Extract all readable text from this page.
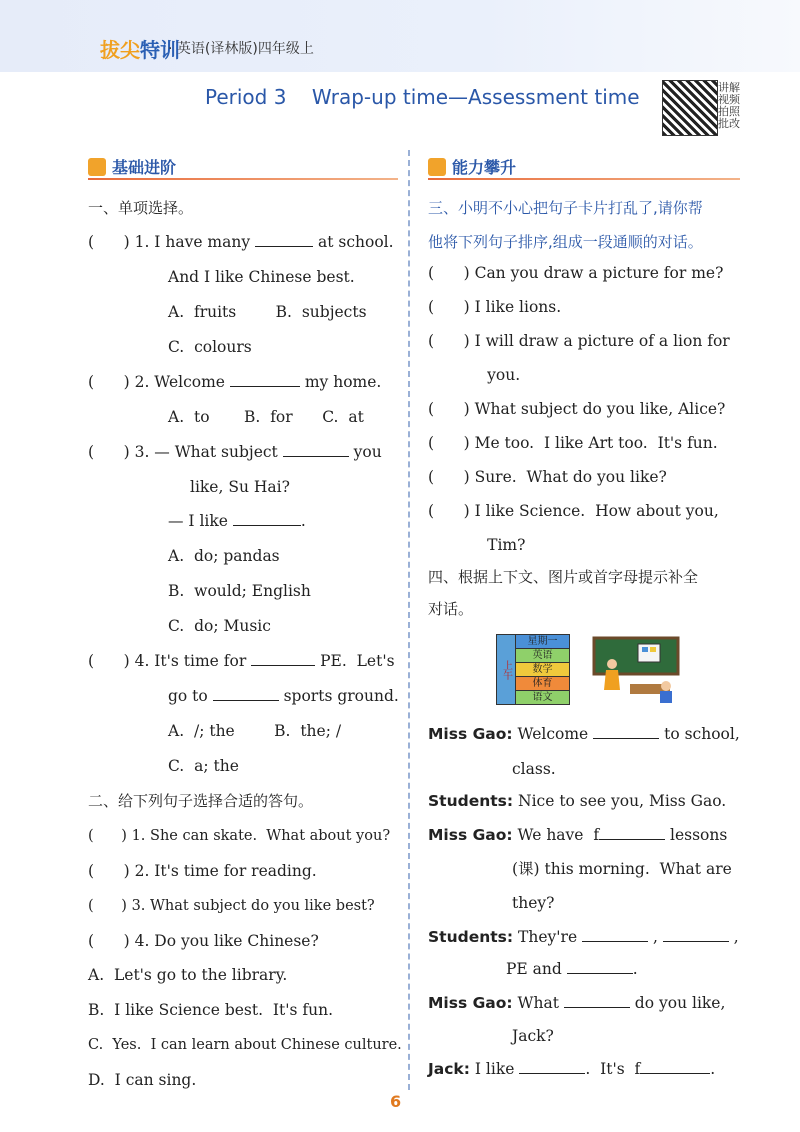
拔尖特训
· 英语(译林版)四年级上
Period 3    Wrap-up time—Assessment time	讲解视频
拍照批改
基础进阶
一、单项选择。
(      ) 1. I have many	at school.
And I like Chinese best.
A.  fruits        B.  subjects
C.  colours
(      ) 2. Welcome	my home.
A.  to       B.  for      C.  at
(      ) 3. — What subject	you
like, Su Hai?
— I like	.
A.  do; pandas
B.  would; English
C.  do; Music
(      ) 4. It's time for	PE.  Let's
go to	sports ground.
A.  /; the        B.  the; /
C.  a; the
二、给下列句子选择合适的答句。
(      ) 1. She can skate.  What about you?
(      ) 2. It's time for reading.
(      ) 3. What subject do you like best?
(      ) 4. Do you like Chinese?
A.  Let's go to the library.
B.  I like Science best.  It's fun.
C.  Yes.  I can learn about Chinese culture.
D.  I can sing.
能力攀升
三、小明不小心把句子卡片打乱了,请你帮
他将下列句子排序,组成一段通顺的对话。
(      ) Can you draw a picture for me?
(      ) I like lions.
(      ) I will draw a picture of a lion for
you.
(      ) What subject do you like, Alice?
(      ) Me too.  I like Art too.  It's fun.
(      ) Sure.  What do you like?
(      ) I like Science.  How about you,
Tim?
四、根据上下文、图片或首字母提示补全
对话。
上午
星期一
英语
数学
体育
语文
Miss Gao: Welcome	to school,
class.
Students: Nice to see you, Miss Gao.
Miss Gao: We have  f	lessons
(课) this morning.  What are
they?
Students: They're	,	,
PE and	.
Miss Gao: What	do you like,
Jack?
Jack: I like	.  It's  f	.
6
